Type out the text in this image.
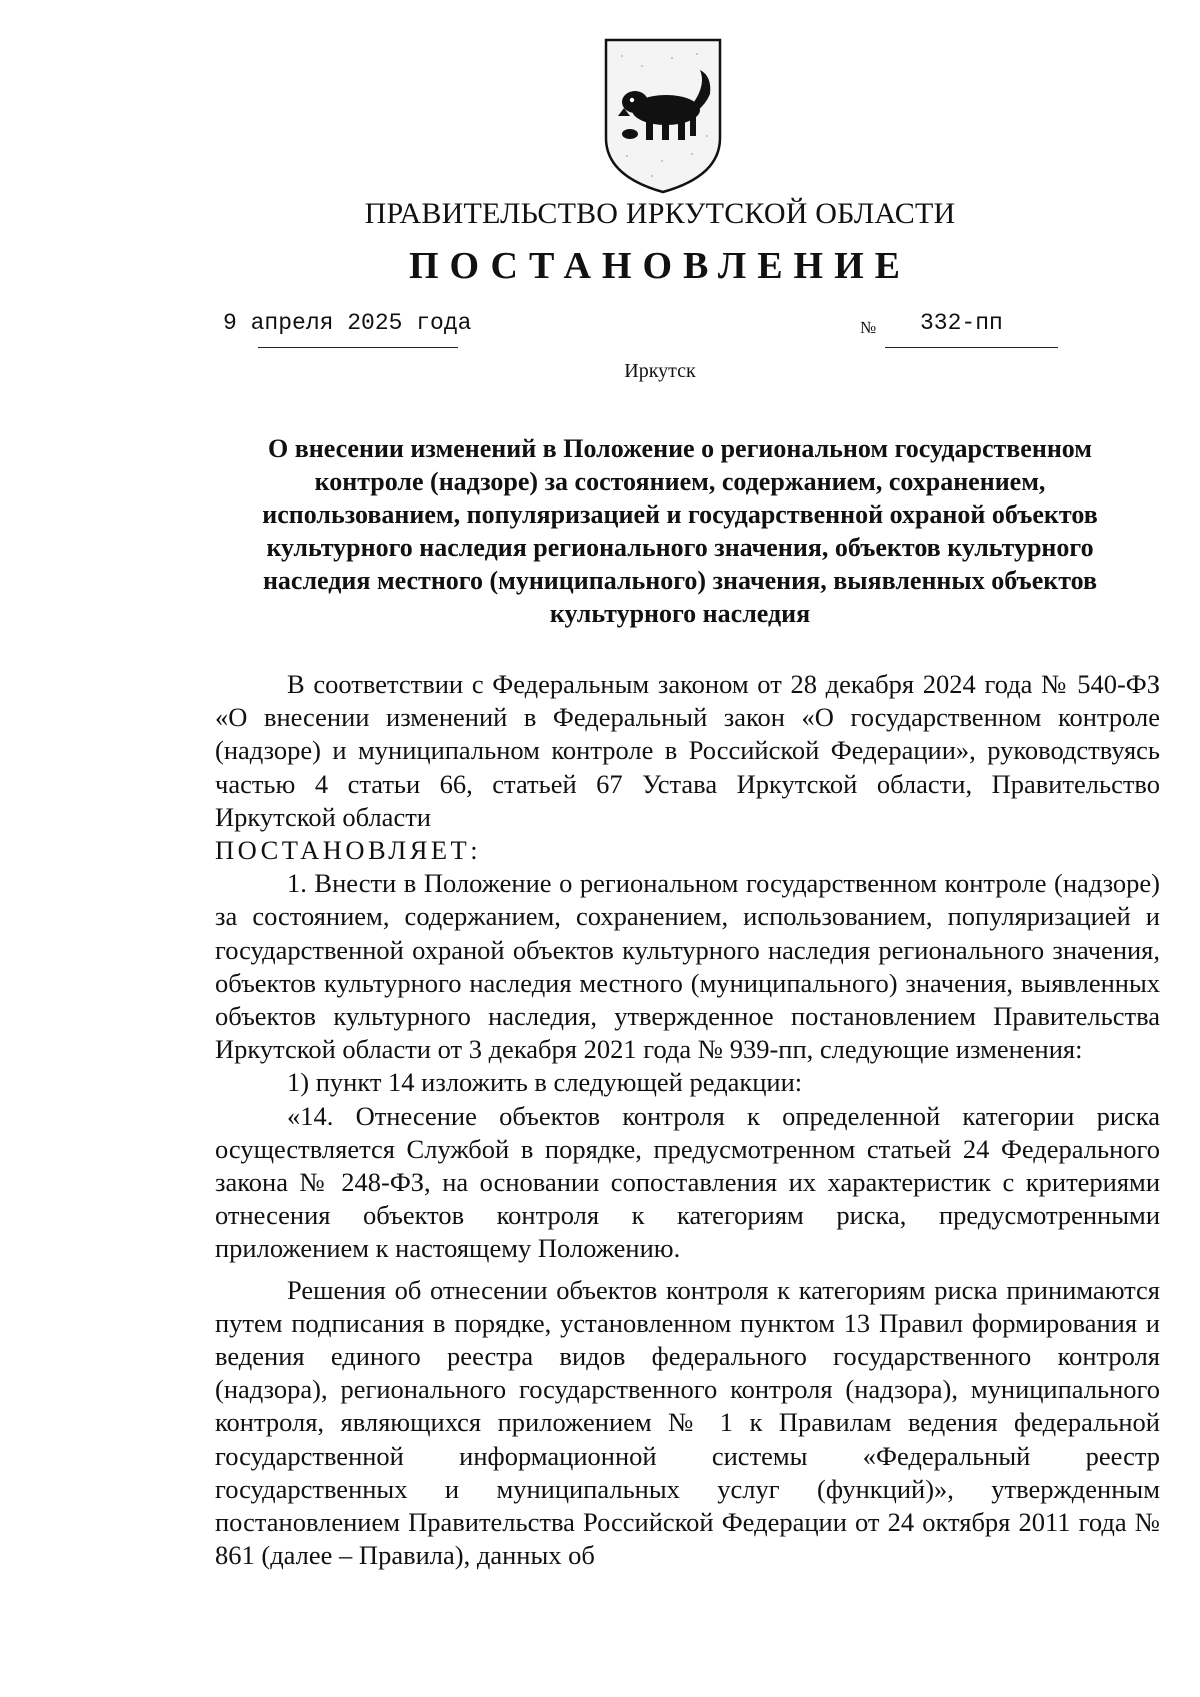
ПРАВИТЕЛЬСТВО ИРКУТСКОЙ ОБЛАСТИ
ПОСТАНОВЛЕНИЕ
9 апреля 2025 года	№ 332-пп
Иркутск
О внесении изменений в Положение о региональном государственном контроле (надзоре) за состоянием, содержанием, сохранением, использованием, популяризацией и государственной охраной объектов культурного наследия регионального значения, объектов культурного наследия местного (муниципального) значения, выявленных объектов культурного наследия

В соответствии с Федеральным законом от 28 декабря 2024 года № 540-ФЗ «О внесении изменений в Федеральный закон «О государственном контроле (надзоре) и муниципальном контроле в Российской Федерации», руководствуясь частью 4 статьи 66, статьей 67 Устава Иркутской области, Правительство Иркутской области

ПОСТАНОВЛЯЕТ:

1. Внести в Положение о региональном государственном контроле (надзоре) за состоянием, содержанием, сохранением, использованием, популяризацией и государственной охраной объектов культурного наследия регионального значения, объектов культурного наследия местного (муниципального) значения, выявленных объектов культурного наследия, утвержденное постановлением Правительства Иркутской области от 3 декабря 2021 года № 939-пп, следующие изменения:

1) пункт 14 изложить в следующей редакции:

«14. Отнесение объектов контроля к определенной категории риска осуществляется Службой в порядке, предусмотренном статьей 24 Федерального закона № 248-ФЗ, на основании сопоставления их характеристик с критериями отнесения объектов контроля к категориям риска, предусмотренными приложением к настоящему Положению.

Решения об отнесении объектов контроля к категориям риска принимаются путем подписания в порядке, установленном пунктом 13 Правил формирования и ведения единого реестра видов федерального государственного контроля (надзора), регионального государственного контроля (надзора), муниципального контроля, являющихся приложением № 1 к Правилам ведения федеральной государственной информационной системы «Федеральный реестр государственных и муниципальных услуг (функций)», утвержденным постановлением Правительства Российской Федерации от 24 октября 2011 года № 861 (далее – Правила), данных об
